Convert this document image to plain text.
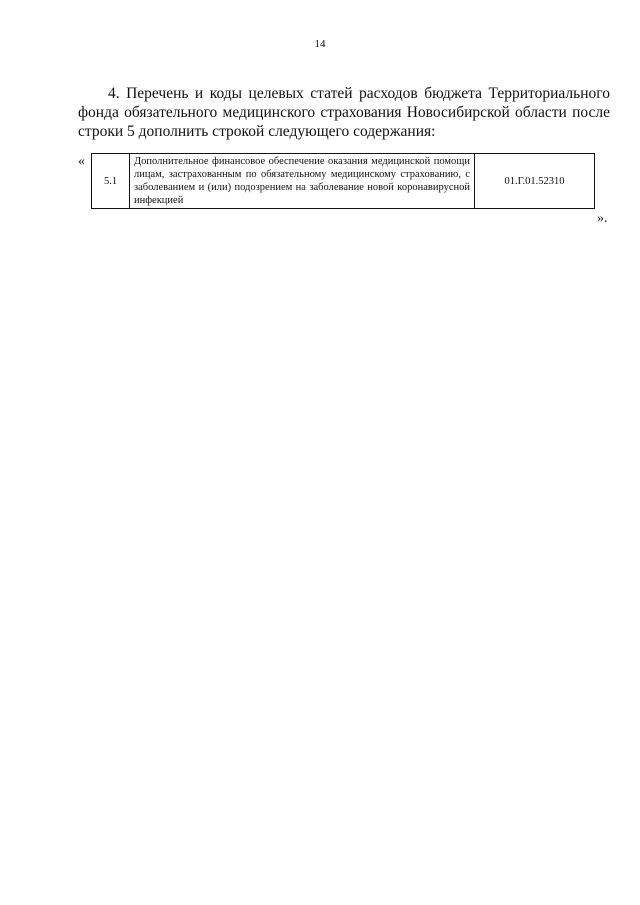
14

4. Перечень и коды целевых статей расходов бюджета Территориального фонда обязательного медицинского страхования Новосибирской области после строки 5 дополнить строкой следующего содержания:

«
5.1	Дополнительное финансовое обеспечение оказания медицинской помощи лицам, застрахованным по обязательному медицинскому страхованию, с заболеванием и (или) подозрением на заболевание новой коронавирусной инфекцией	01.Г.01.52310
».
